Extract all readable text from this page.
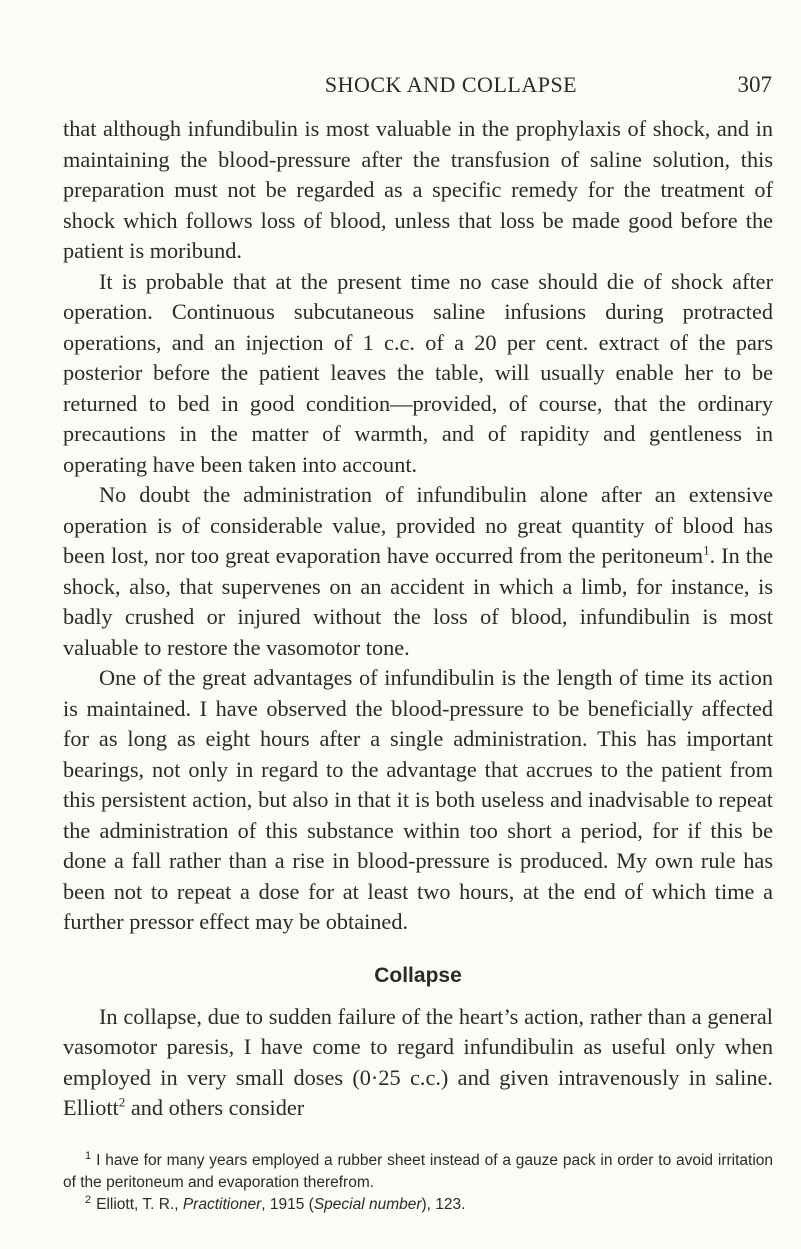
SHOCK AND COLLAPSE	307

that although infundibulin is most valuable in the prophylaxis of shock, and in maintaining the blood-pressure after the transfusion of saline solution, this preparation must not be regarded as a specific remedy for the treatment of shock which follows loss of blood, unless that loss be made good before the patient is moribund.

It is probable that at the present time no case should die of shock after operation. Continuous subcutaneous saline infusions during protracted operations, and an injection of 1 c.c. of a 20 per cent. extract of the pars posterior before the patient leaves the table, will usually enable her to be returned to bed in good condition—provided, of course, that the ordinary precautions in the matter of warmth, and of rapidity and gentleness in operating have been taken into account.

No doubt the administration of infundibulin alone after an extensive operation is of considerable value, provided no great quantity of blood has been lost, nor too great evaporation have occurred from the peritoneum$^1$. In the shock, also, that supervenes on an accident in which a limb, for instance, is badly crushed or injured without the loss of blood, infundibulin is most valuable to restore the vasomotor tone.

One of the great advantages of infundibulin is the length of time its action is maintained. I have observed the blood-pressure to be beneficially affected for as long as eight hours after a single administration. This has important bearings, not only in regard to the advantage that accrues to the patient from this persistent action, but also in that it is both useless and inadvisable to repeat the administration of this substance within too short a period, for if this be done a fall rather than a rise in blood-pressure is produced. My own rule has been not to repeat a dose for at least two hours, at the end of which time a further pressor effect may be obtained.

Collapse

In collapse, due to sudden failure of the heart’s action, rather than a general vasomotor paresis, I have come to regard infundibulin as useful only when employed in very small doses (0·25 c.c.) and given intravenously in saline. Elliott$^2$ and others consider

$^1$ I have for many years employed a rubber sheet instead of a gauze pack in order to avoid irritation of the peritoneum and evaporation therefrom.

$^2$ Elliott, T. R., Practitioner, 1915 (Special number), 123.
